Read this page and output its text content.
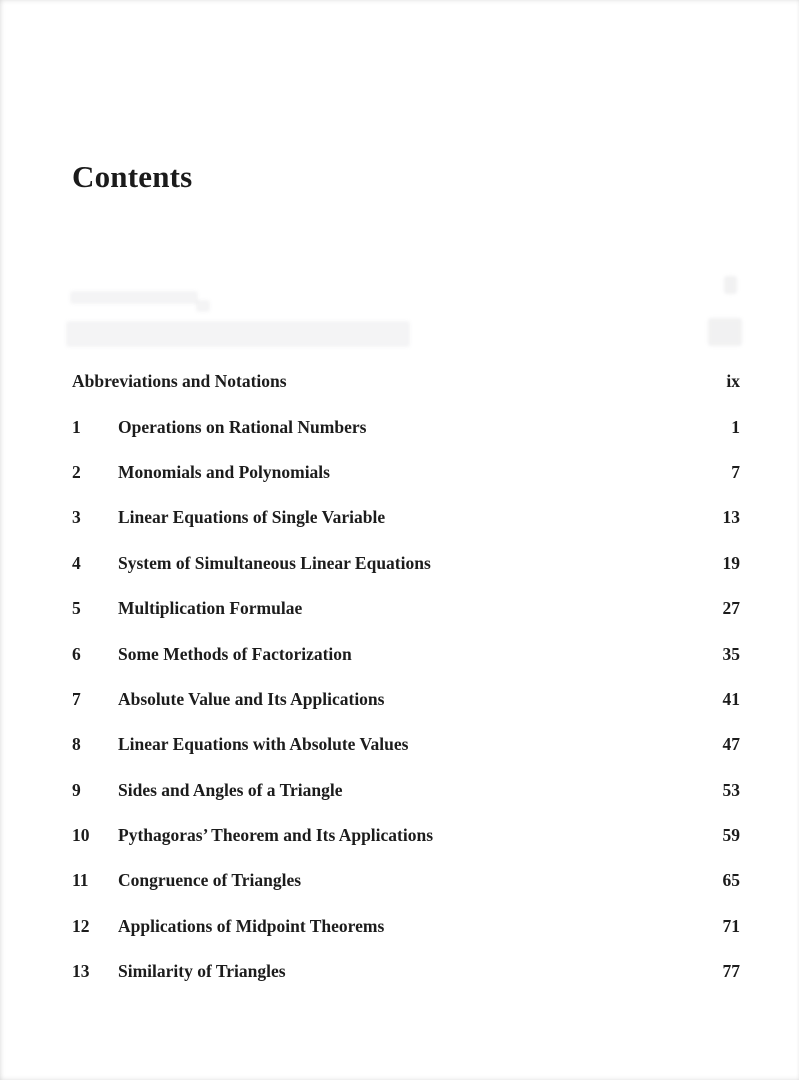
Contents
Abbreviations and Notations	ix
1	Operations on Rational Numbers	1
2	Monomials and Polynomials	7
3	Linear Equations of Single Variable	13
4	System of Simultaneous Linear Equations	19
5	Multiplication Formulae	27
6	Some Methods of Factorization	35
7	Absolute Value and Its Applications	41
8	Linear Equations with Absolute Values	47
9	Sides and Angles of a Triangle	53
10	Pythagoras’ Theorem and Its Applications	59
11	Congruence of Triangles	65
12	Applications of Midpoint Theorems	71
13	Similarity of Triangles	77
